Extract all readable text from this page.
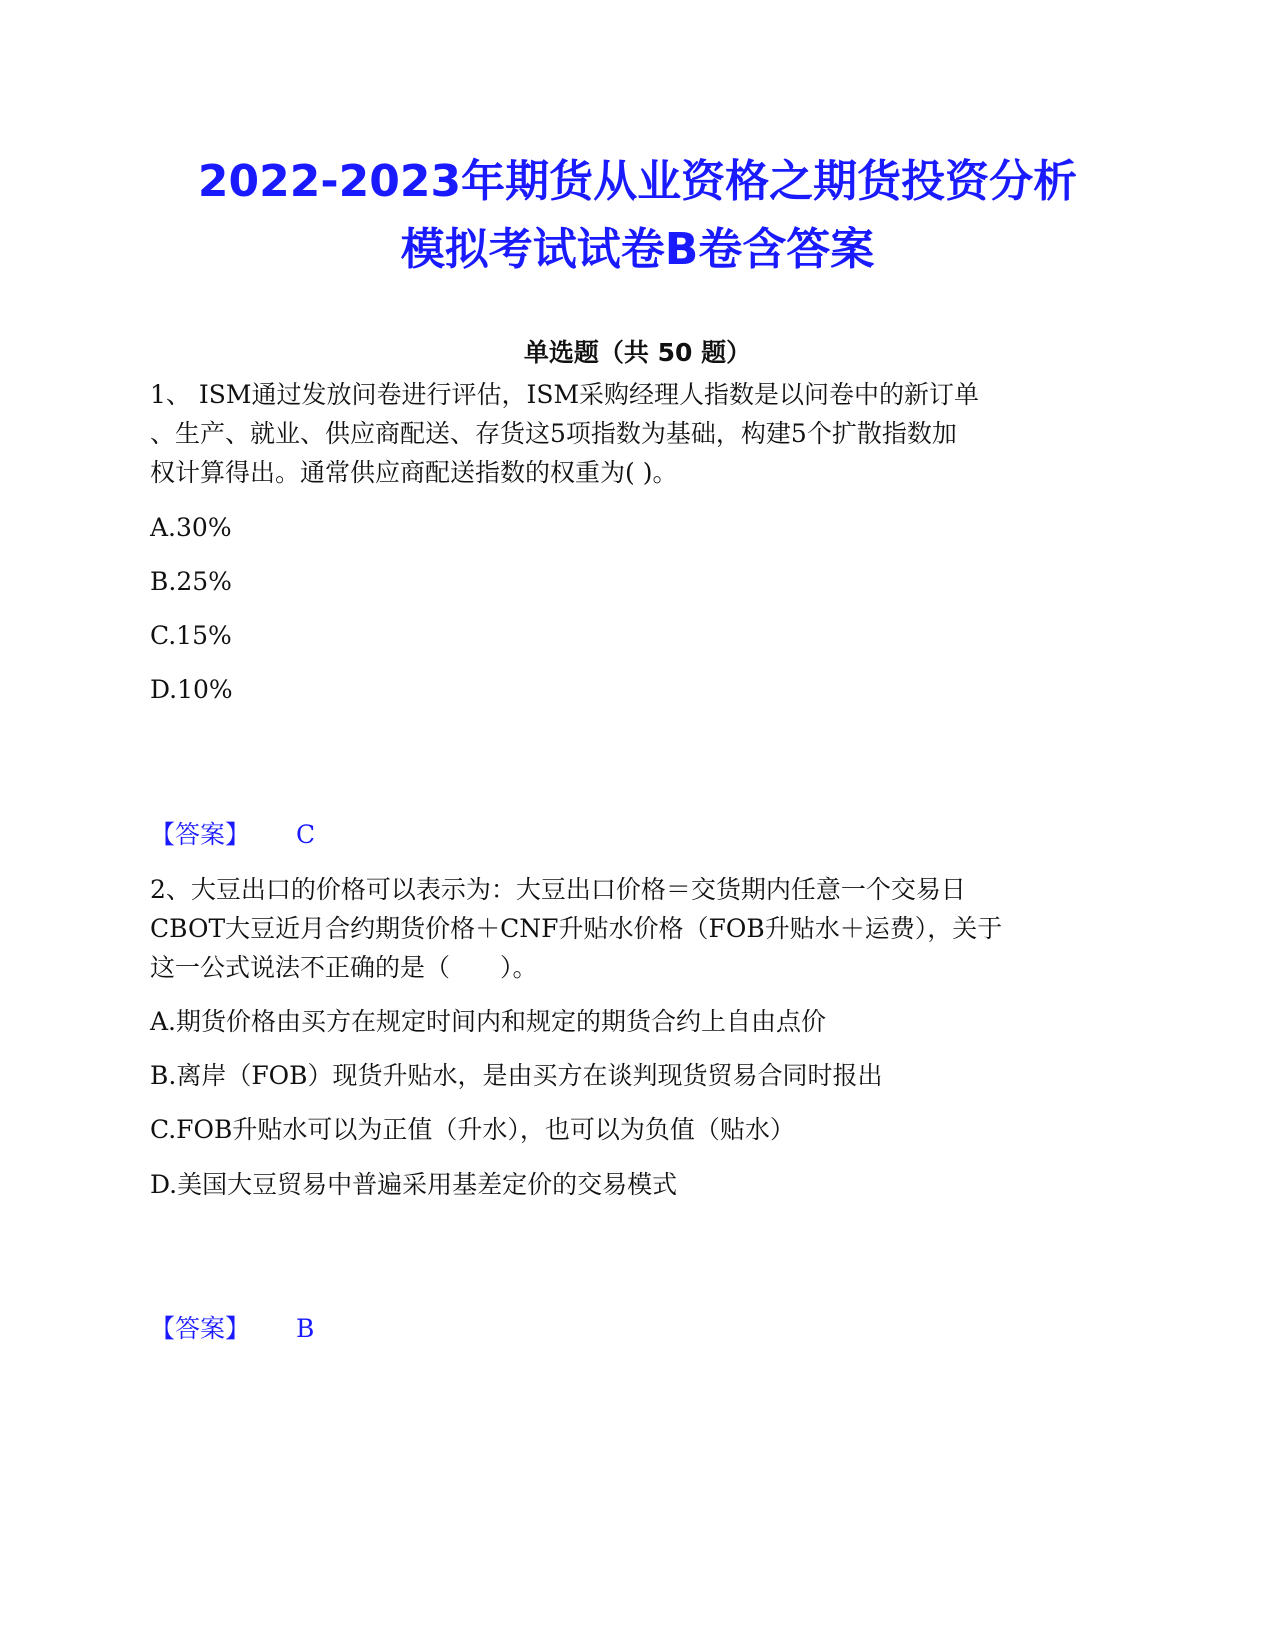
2022-2023年期货从业资格之期货投资分析
模拟考试试卷B卷含答案
单选题（共 50 题）
1、 ISM通过发放问卷进行评估，ISM采购经理人指数是以问卷中的新订单
、生产、就业、供应商配送、存货这5项指数为基础，构建5个扩散指数加
权计算得出。通常供应商配送指数的权重为( )。
A.30%
B.25%
C.15%
D.10%
【答案】 C
2、大豆出口的价格可以表示为：大豆出口价格＝交货期内任意一个交易日
CBOT大豆近月合约期货价格＋CNF升贴水价格（FOB升贴水＋运费），关于
这一公式说法不正确的是（　　）。
A.期货价格由买方在规定时间内和规定的期货合约上自由点价
B.离岸（FOB）现货升贴水，是由买方在谈判现货贸易合同时报出
C.FOB升贴水可以为正值（升水），也可以为负值（贴水）
D.美国大豆贸易中普遍采用基差定价的交易模式
【答案】 B
